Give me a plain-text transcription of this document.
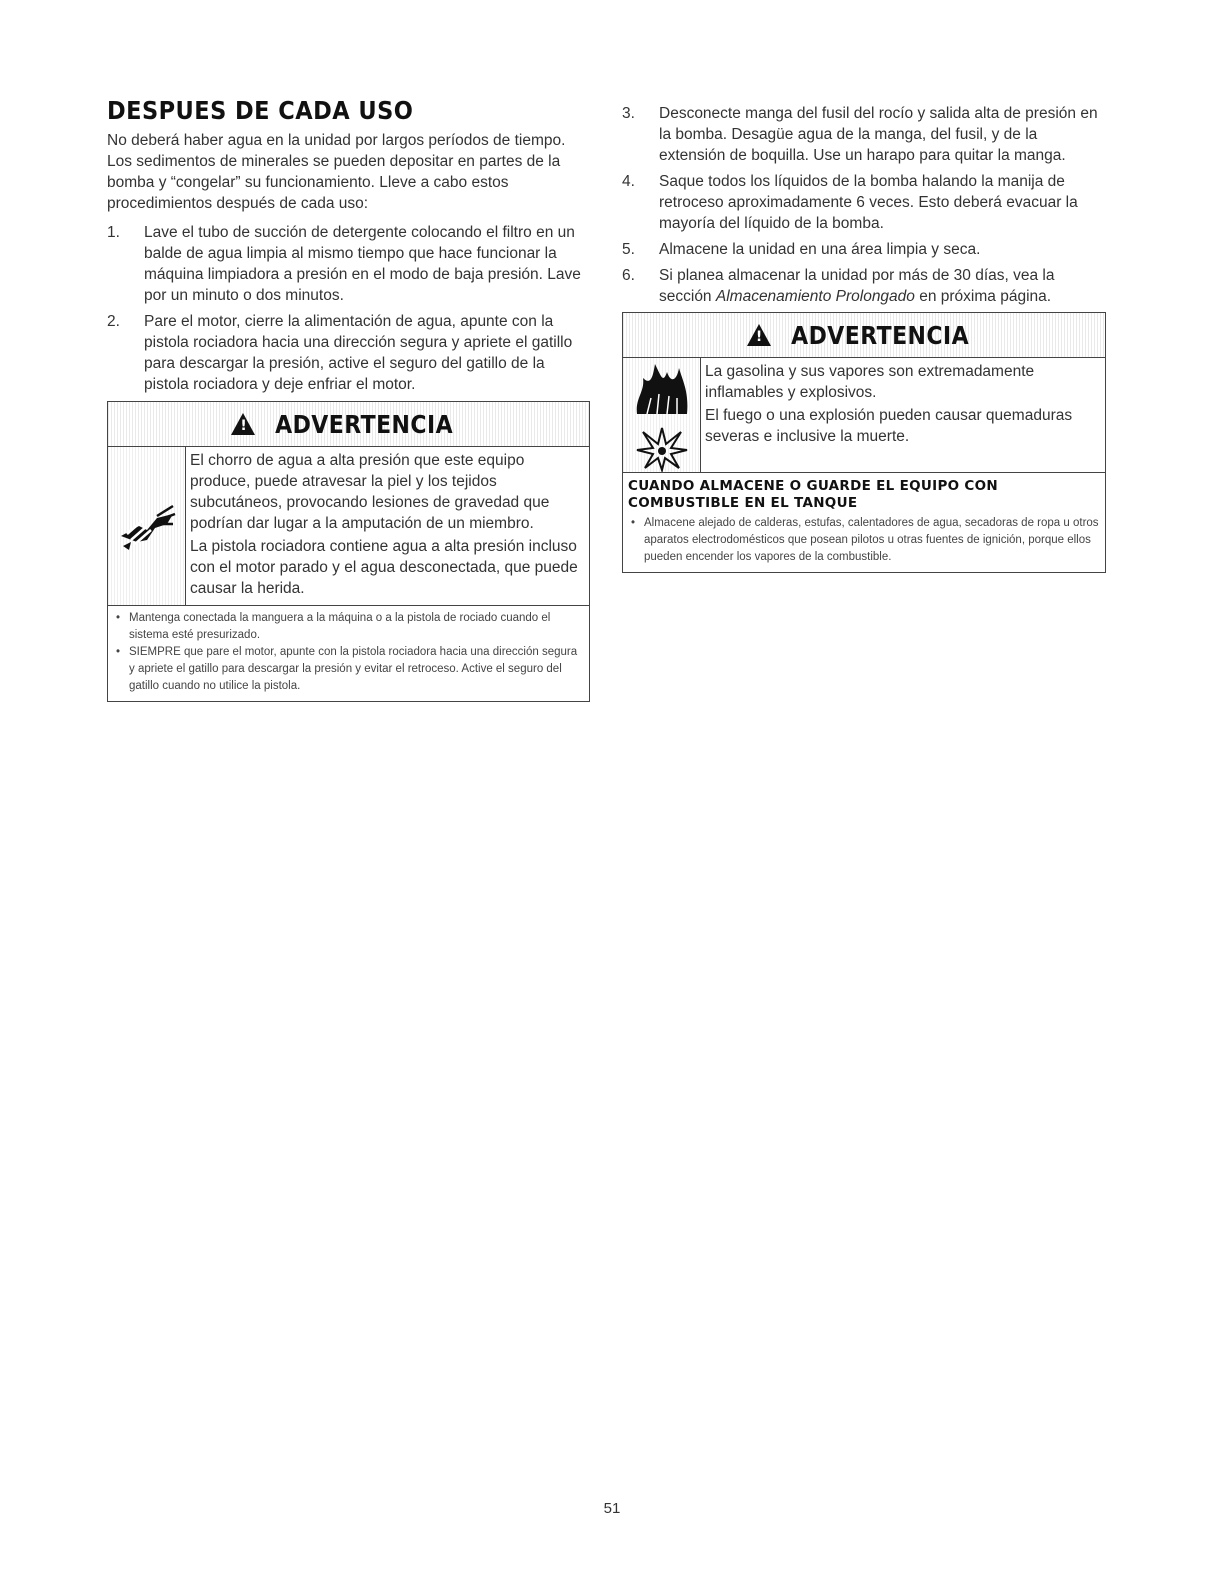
DESPUES DE CADA USO

No deberá haber agua en la unidad por largos períodos de tiempo. Los sedimentos de minerales se pueden depositar en partes de la bomba y “congelar” su funcionamiento. Lleve a cabo estos procedimientos después de cada uso:

1.	Lave el tubo de succión de detergente colocando el filtro en un balde de agua limpia al mismo tiempo que hace funcionar la máquina limpiadora a presión en el modo de baja presión. Lave por un minuto o dos minutos.
2.	Pare el motor, cierre la alimentación de agua, apunte con la pistola rociadora hacia una dirección segura y apriete el gatillo para descargar la presión, active el seguro del gatillo de la pistola rociadora y deje enfriar el motor.
!
ADVERTENCIA

El chorro de agua a alta presión que este equipo produce, puede atravesar la piel y los tejidos subcutáneos, provocando lesiones de gravedad que podrían dar lugar a la amputación de un miembro.

La pistola rociadora contiene agua a alta presión incluso con el motor parado y el agua desconectada, que puede causar la herida.

• Mantenga conectada la manguera a la máquina o a la pistola de rociado cuando el sistema esté presurizado.
• SIEMPRE que pare el motor, apunte con la pistola rociadora hacia una dirección segura y apriete el gatillo para descargar la presión y evitar el retroceso. Active el seguro del gatillo cuando no utilice la pistola.
3.	Desconecte manga del fusil del rocío y salida alta de presión en la bomba. Desagüe agua de la manga, del fusil, y de la extensión de boquilla. Use un harapo para quitar la manga.
4.	Saque todos los líquidos de la bomba halando la manija de retroceso aproximadamente 6 veces. Esto deberá evacuar la mayoría del líquido de la bomba.
5.	Almacene la unidad en una área limpia y seca.
6.	Si planea almacenar la unidad por más de 30 días, vea la sección Almacenamiento Prolongado en próxima página.
!
ADVERTENCIA

La gasolina y sus vapores son extremadamente inflamables y explosivos.

El fuego o una explosión pueden causar quemaduras severas e inclusive la muerte.

CUANDO ALMACENE O GUARDE EL EQUIPO CON COMBUSTIBLE EN EL TANQUE
• Almacene alejado de calderas, estufas, calentadores de agua, secadoras de ropa u otros aparatos electrodomésticos que posean pilotos u otras fuentes de ignición, porque ellos pueden encender los vapores de la combustible.
51
